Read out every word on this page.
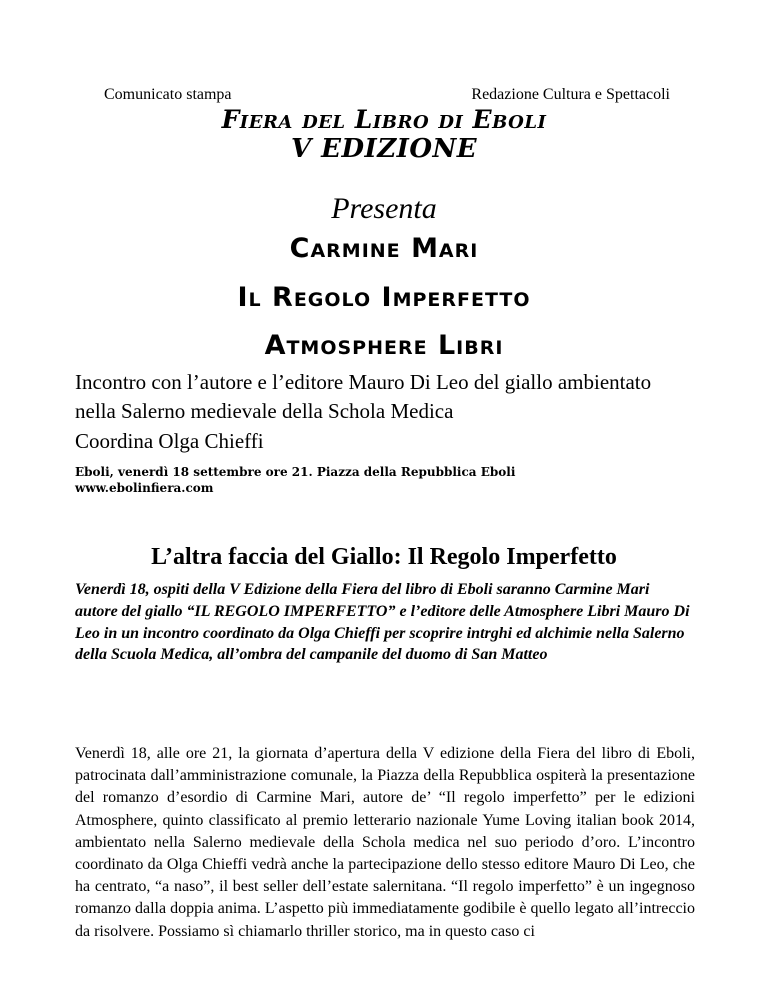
Comunicato stampa	Redazione Cultura e Spettacoli
Fiera del Libro di Eboli
V EDIZIONE
Presenta
Carmine Mari
Il Regolo Imperfetto
Atmosphere Libri
Incontro con l’autore e l’editore Mauro Di Leo del giallo ambientato nella Salerno medievale della Schola Medica
Coordina Olga Chieffi
Eboli, venerdì 18 settembre ore 21. Piazza della Repubblica Eboli
www.ebolinfiera.com
L’altra faccia del Giallo: Il Regolo Imperfetto
Venerdì 18, ospiti della V Edizione della Fiera del libro di Eboli saranno Carmine Mari autore del giallo “IL REGOLO IMPERFETTO” e l’editore delle Atmosphere Libri Mauro Di Leo in un incontro coordinato da Olga Chieffi per scoprire intrghi ed alchimie nella Salerno della Scuola Medica, all’ombra del campanile del duomo di San Matteo
Venerdì 18, alle ore 21, la giornata d’apertura della V edizione della Fiera del libro di Eboli, patrocinata dall’amministrazione comunale, la Piazza della Repubblica ospiterà la presentazione del romanzo d’esordio di Carmine Mari, autore de’ “Il regolo imperfetto” per le edizioni Atmosphere, quinto classificato al premio letterario nazionale Yume Loving italian book 2014, ambientato nella Salerno medievale della Schola medica nel suo periodo d’oro. L’incontro coordinato da Olga Chieffi vedrà anche la partecipazione dello stesso editore Mauro Di Leo, che ha centrato, “a naso”, il best seller dell’estate salernitana. “Il regolo imperfetto” è un ingegnoso romanzo dalla doppia anima. L’aspetto più immediatamente godibile è quello legato all’intreccio da risolvere. Possiamo sì chiamarlo thriller storico, ma in questo caso ci
